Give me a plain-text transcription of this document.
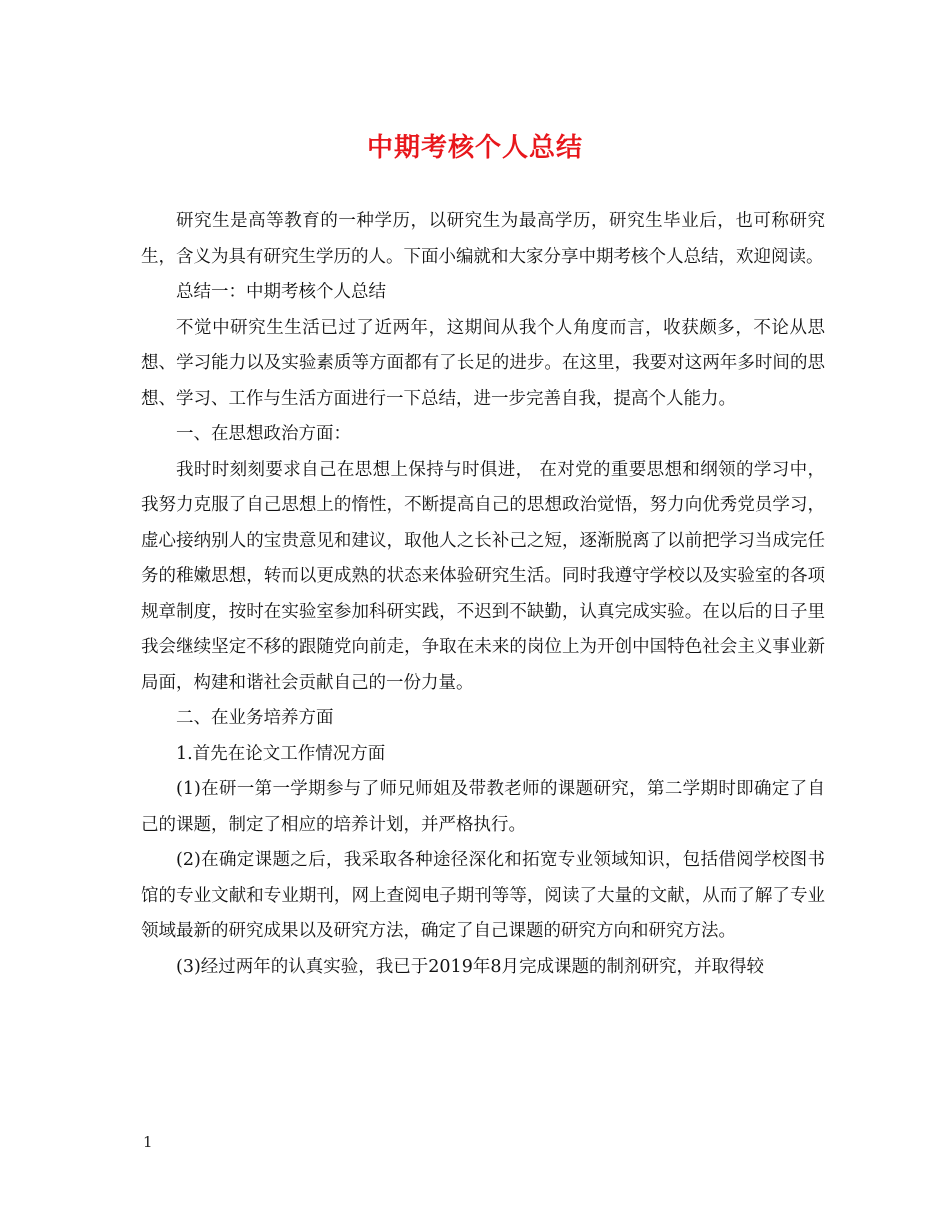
中期考核个人总结

研究生是高等教育的一种学历，以研究生为最高学历，研究生毕业后，也可称研究生，含义为具有研究生学历的人。下面小编就和大家分享中期考核个人总结，欢迎阅读。

总结一：中期考核个人总结

不觉中研究生生活已过了近两年，这期间从我个人角度而言，收获颇多，不论从思想、学习能力以及实验素质等方面都有了长足的进步。在这里，我要对这两年多时间的思想、学习、工作与生活方面进行一下总结，进一步完善自我，提高个人能力。

一、在思想政治方面：

我时时刻刻要求自己在思想上保持与时俱进， 在对党的重要思想和纲领的学习中，我努力克服了自己思想上的惰性，不断提高自己的思想政治觉悟，努力向优秀党员学习，虚心接纳别人的宝贵意见和建议，取他人之长补己之短，逐渐脱离了以前把学习当成完任务的稚嫩思想，转而以更成熟的状态来体验研究生活。同时我遵守学校以及实验室的各项规章制度，按时在实验室参加科研实践，不迟到不缺勤，认真完成实验。在以后的日子里我会继续坚定不移的跟随党向前走，争取在未来的岗位上为开创中国特色社会主义事业新局面，构建和谐社会贡献自己的一份力量。

二、在业务培养方面

1.首先在论文工作情况方面

(1)在研一第一学期参与了师兄师姐及带教老师的课题研究，第二学期时即确定了自己的课题，制定了相应的培养计划，并严格执行。

(2)在确定课题之后，我采取各种途径深化和拓宽专业领域知识，包括借阅学校图书馆的专业文献和专业期刊，网上查阅电子期刊等等，阅读了大量的文献，从而了解了专业领域最新的研究成果以及研究方法，确定了自己课题的研究方向和研究方法。

(3)经过两年的认真实验，我已于2019年8月完成课题的制剂研究，并取得较

1
